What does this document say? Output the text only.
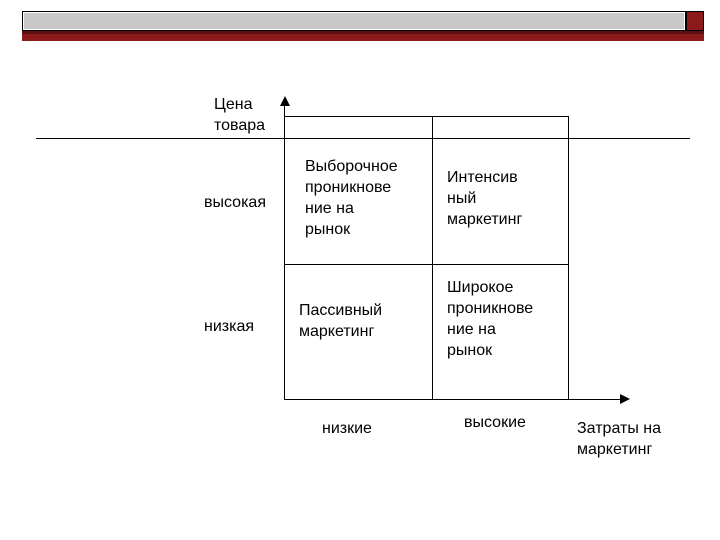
Цена
товара
Затраты на
маркетинг
высокая
низкая
низкие	высокие
Выборочное
проникнове
ние на
рынок
Интенсив
ный
маркетинг
Пассивный
маркетинг
Широкое
проникнове
ние на
рынок
